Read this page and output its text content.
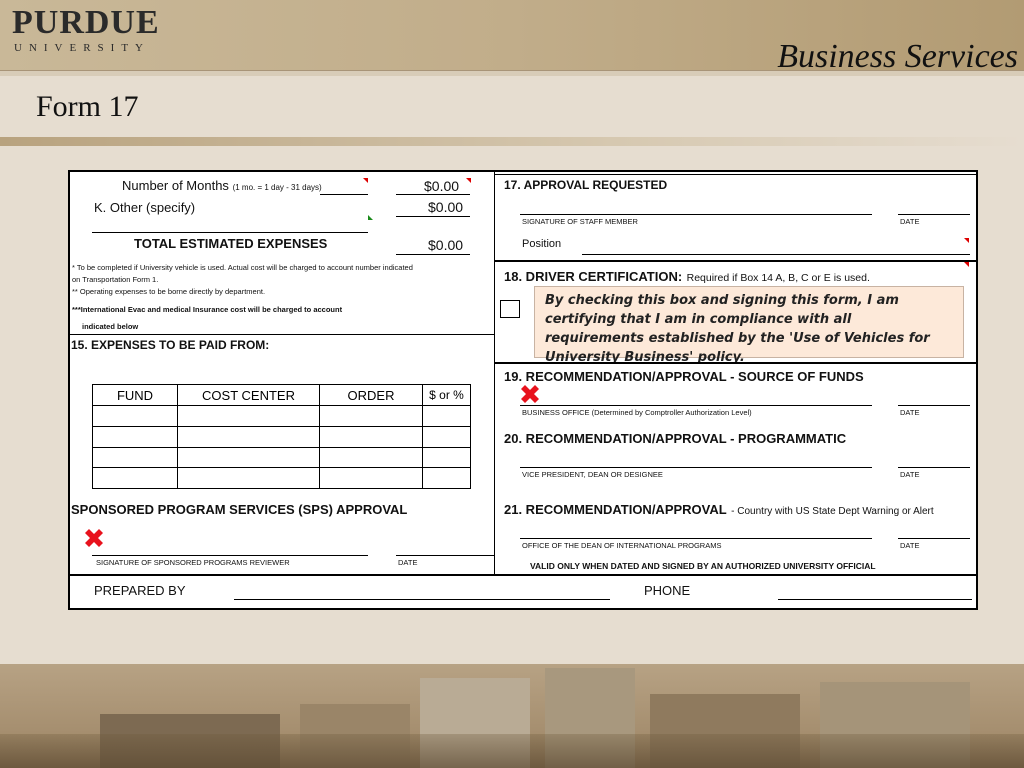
PURDUE
UNIVERSITY	Business Services
Form 17
Number of Months (1 mo. = 1 day - 31 days)	$0.00
K. Other (specify)	$0.00
TOTAL ESTIMATED EXPENSES	$0.00
* To be completed if University vehicle is used. Actual cost will be charged to account number indicated
on Transportation Form 1.
** Operating expenses to be borne directly by department.
***International Evac and medical Insurance cost will be charged to account
indicated below
15. EXPENSES TO BE PAID FROM:
FUND	COST CENTER	ORDER	$ or %
SPONSORED PROGRAM SERVICES (SPS) APPROVAL
SIGNATURE OF SPONSORED PROGRAMS REVIEWER	DATE
17. APPROVAL REQUESTED
SIGNATURE OF STAFF MEMBER	DATE
Position
18. DRIVER CERTIFICATION: Required if Box 14 A, B, C or E is used.
By checking this box and signing this form, I am certifying that I am in compliance with all requirements established by the 'Use of Vehicles for University Business' policy.
19. RECOMMENDATION/APPROVAL - SOURCE OF FUNDS
BUSINESS OFFICE (Determined by Comptroller Authorization Level)	DATE
20. RECOMMENDATION/APPROVAL - PROGRAMMATIC
VICE PRESIDENT, DEAN OR DESIGNEE	DATE
21. RECOMMENDATION/APPROVAL - Country with US State Dept Warning or Alert
OFFICE OF THE DEAN OF INTERNATIONAL PROGRAMS	DATE
VALID ONLY WHEN DATED AND SIGNED BY AN AUTHORIZED UNIVERSITY OFFICIAL
PREPARED BY	PHONE
